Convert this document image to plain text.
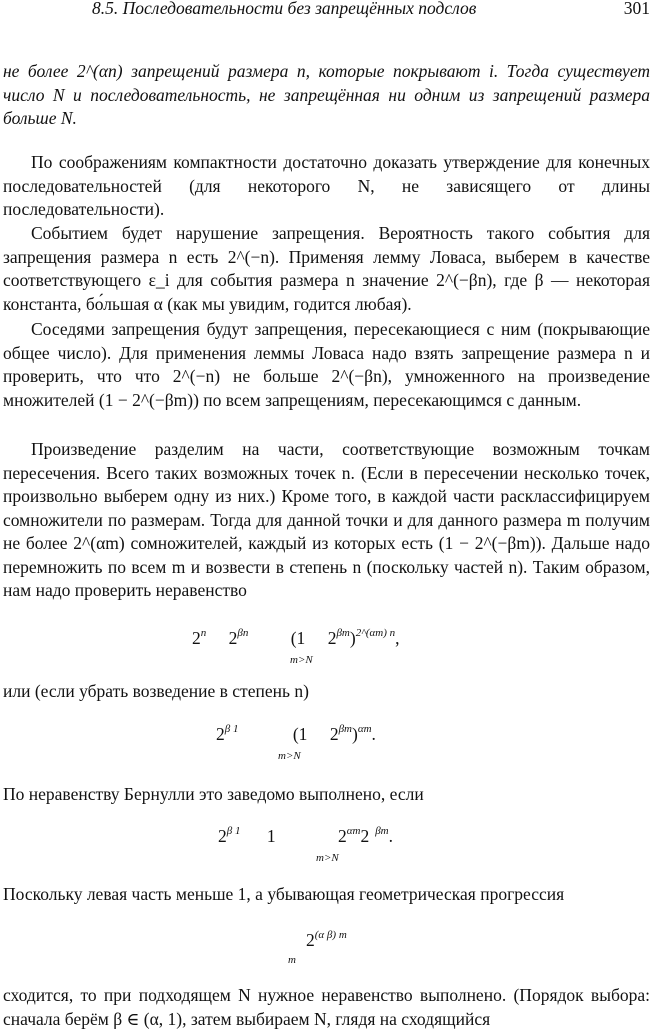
8.5. Последовательности без запрещённых подслов	301

не более 2^(αn) запрещений размера n, которые покрывают i. Тогда существует число N и последовательность, не запрещённая ни одним из запрещений размера больше N.

По соображениям компактности достаточно доказать утверждение для конечных последовательностей (для некоторого N, не зависящего от длины последовательности).

Событием будет нарушение запрещения. Вероятность такого события для запрещения размера n есть 2^(−n). Применяя лемму Ловаса, выберем в качестве соответствующего ε_i для события размера n значение 2^(−βn), где β — некоторая константа, бо́льшая α (как мы увидим, годится любая).

Соседями запрещения будут запрещения, пересекающиеся с ним (покрывающие общее число). Для применения леммы Ловаса надо взять запрещение размера n и проверить, что что 2^(−n) не больше 2^(−βn), умноженного на произведение множителей (1 − 2^(−βm)) по всем запрещениям, пересекающимся с данным.

Произведение разделим на части, соответствующие возможным точкам пересечения. Всего таких возможных точек n. (Если в пересечении несколько точек, произвольно выберем одну из них.) Кроме того, в каждой части расклассифицируем сомножители по размерам. Тогда для данной точки и для данного размера m получим не более 2^(αm) сомножителей, каждый из которых есть (1 − 2^(−βm)). Дальше надо перемножить по всем m и возвести в степень n (поскольку частей n). Таким образом, нам надо проверить неравенство

2$^n$ $2^{\beta n}$ (1 $2^{\beta m})^{2\^{}(\alpha m) n}$,
m>N

или (если убрать возведение в степень n)

$2^{\beta 1}$	(1 $2^{\beta m})^{\alpha m}$.
m>N

По неравенству Бернулли это заведомо выполнено, если

$2^{\beta 1}$ 1	$2^{\alpha m}2$ $^{\beta m}$.
m>N

Поскольку левая часть меньше 1, а убывающая геометрическая прогрессия

$2^{(\alpha \beta) m}$
m

сходится, то при подходящем N нужное неравенство выполнено. (Порядок выбора: сначала берём β ∈ (α, 1), затем выбираем N, глядя на сходящийся
